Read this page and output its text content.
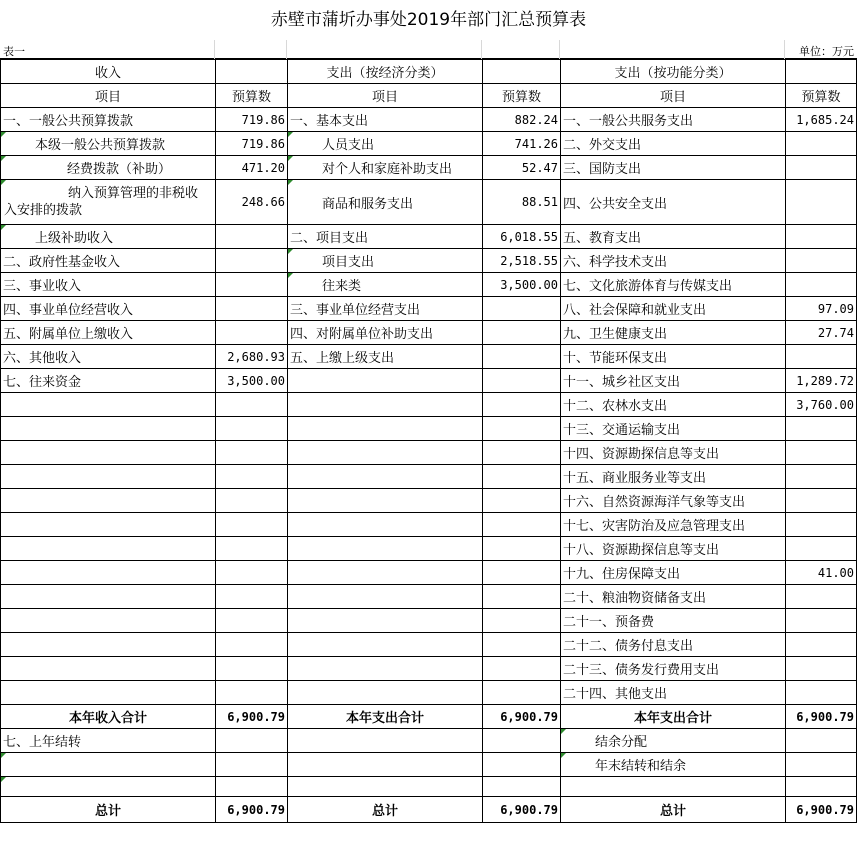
赤壁市蒲圻办事处2019年部门汇总预算表
表一	单位：万元
收入		支出（按经济分类）		支出（按功能分类）	
项目	预算数	项目	预算数	项目	预算数
一、一般公共预算拨款	719.86	一、基本支出	882.24	一、一般公共服务支出	1,685.24
本级一般公共预算拨款	719.86	人员支出	741.26	二、外交支出	
经费拨款（补助）	471.20	对个人和家庭补助支出	52.47	三、国防支出	

纳入预算管理的非税收
入安排的拨款	248.66	商品和服务支出	88.51	四、公共安全支出	
上级补助收入		二、项目支出	6,018.55	五、教育支出	
二、政府性基金收入		项目支出	2,518.55	六、科学技术支出	
三、事业收入		往来类	3,500.00	七、文化旅游体育与传媒支出	
四、事业单位经营收入		三、事业单位经营支出		八、社会保障和就业支出	97.09
五、附属单位上缴收入		四、对附属单位补助支出		九、卫生健康支出	27.74
六、其他收入	2,680.93	五、上缴上级支出		十、节能环保支出	
七、往来资金	3,500.00			十一、城乡社区支出	1,289.72
				十二、农林水支出	3,760.00
				十三、交通运输支出	
				十四、资源勘探信息等支出	
				十五、商业服务业等支出	
				十六、自然资源海洋气象等支出	
				十七、灾害防治及应急管理支出	
				十八、资源勘探信息等支出	
				十九、住房保障支出	41.00
				二十、粮油物资储备支出	
				二十一、预备费	
				二十二、债务付息支出	
				二十三、债务发行费用支出	
				二十四、其他支出	
本年收入合计	6,900.79	本年支出合计	6,900.79	本年支出合计	6,900.79
七、上年结转				结余分配	
				年末结转和结余	

总计	6,900.79	总计	6,900.79	总计	6,900.79
